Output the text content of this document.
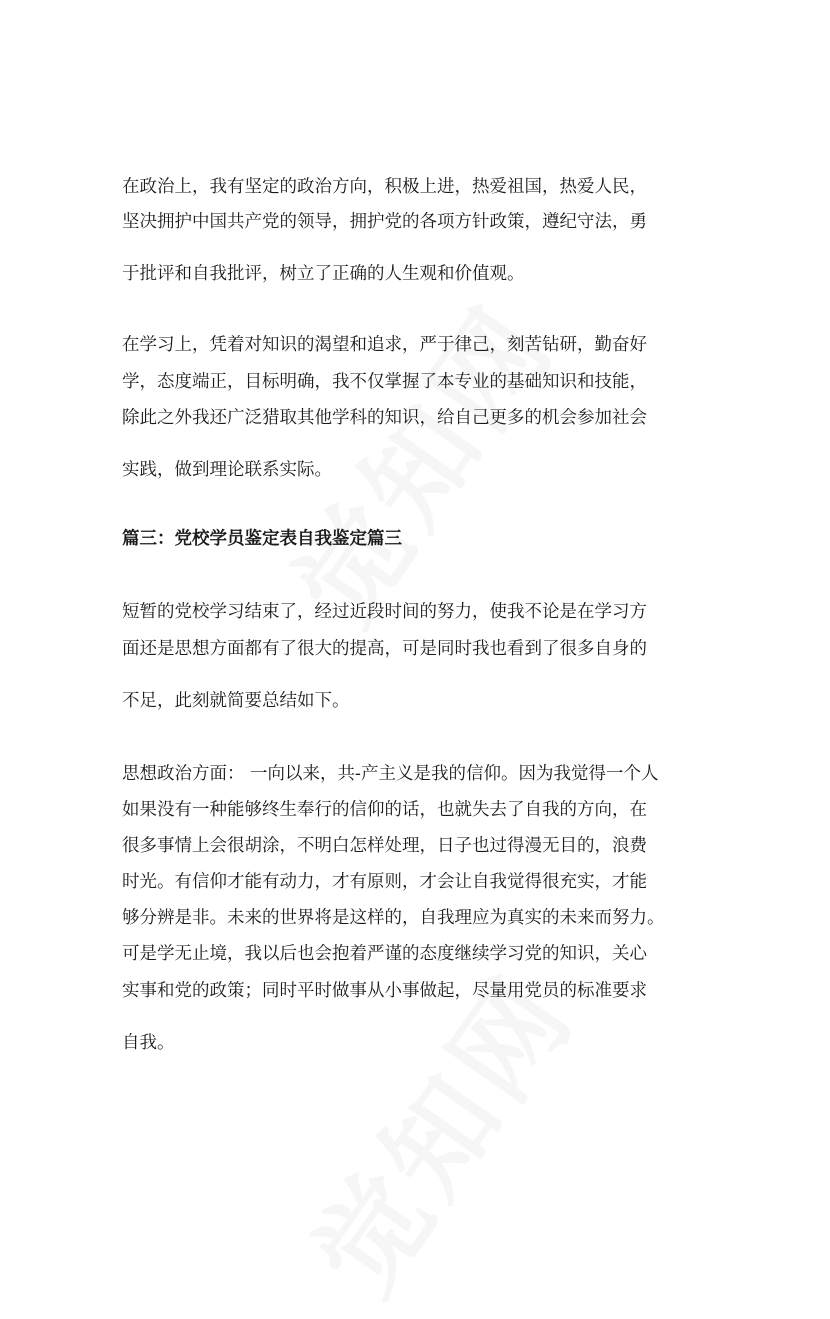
在政治上，我有坚定的政治方向，积极上进，热爱祖国，热爱人民，

坚决拥护中国共产党的领导，拥护党的各项方针政策，遵纪守法，勇

于批评和自我批评，树立了正确的人生观和价值观。

在学习上，凭着对知识的渴望和追求，严于律己，刻苦钻研，勤奋好

学，态度端正，目标明确，我不仅掌握了本专业的基础知识和技能，

除此之外我还广泛猎取其他学科的知识，给自己更多的机会参加社会

实践，做到理论联系实际。

篇三：党校学员鉴定表自我鉴定篇三

短暂的党校学习结束了，经过近段时间的努力，使我不论是在学习方

面还是思想方面都有了很大的提高，可是同时我也看到了很多自身的

不足，此刻就简要总结如下。

思想政治方面： 一向以来，共-产主义是我的信仰。因为我觉得一个人

如果没有一种能够终生奉行的信仰的话，也就失去了自我的方向，在

很多事情上会很胡涂，不明白怎样处理，日子也过得漫无目的，浪费

时光。有信仰才能有动力，才有原则，才会让自我觉得很充实，才能

够分辨是非。未来的世界将是这样的，自我理应为真实的未来而努力。

可是学无止境，我以后也会抱着严谨的态度继续学习党的知识，关心

实事和党的政策；同时平时做事从小事做起，尽量用党员的标准要求

自我。
